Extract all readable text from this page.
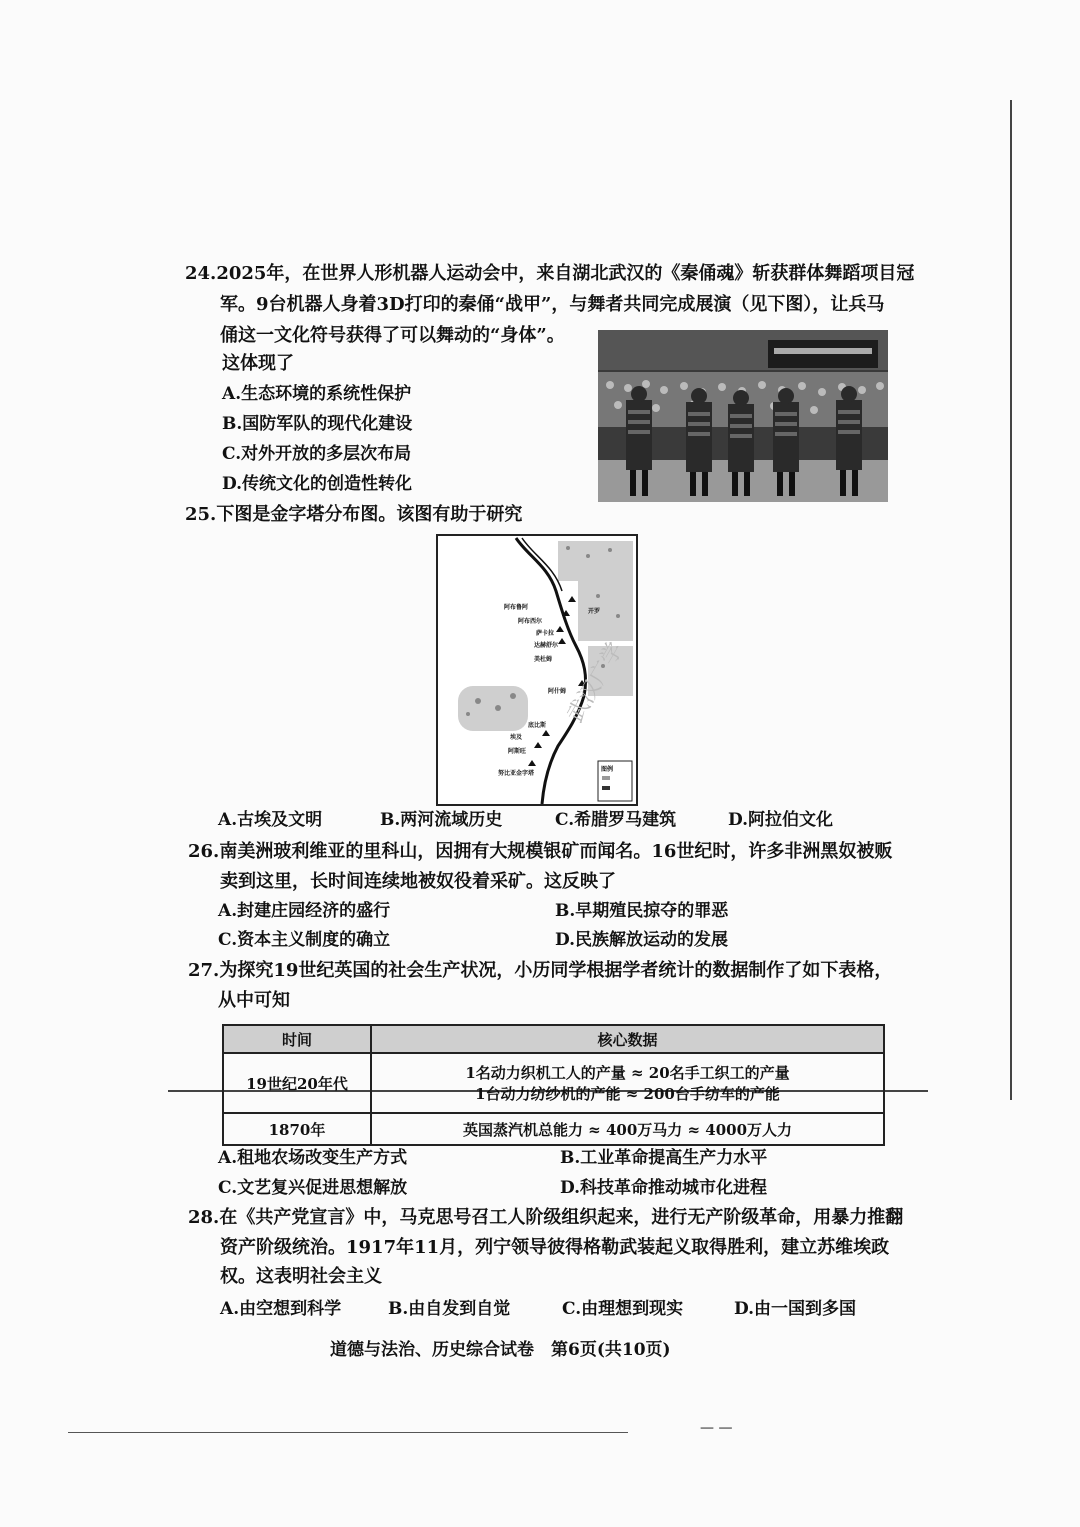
— —
24.2025年，在世界人形机器人运动会中，来自湖北武汉的《秦俑魂》斩获群体舞蹈项目冠
军。9台机器人身着3D打印的秦俑“战甲”，与舞者共同完成展演（见下图），让兵马
俑这一文化符号获得了可以舞动的“身体”。
这体现了
A.生态环境的系统性保护
B.国防军队的现代化建设
C.对外开放的多层次布局
D.传统文化的创造性转化
25.下图是金字塔分布图。该图有助于研究
阿布鲁阿
开罗
阿布西尔
萨卡拉
达赫舒尔
美杜姆
阿什姆
底比斯
埃及
阿斯旺
努比亚金字塔
图例
武汉广学
A.古埃及文明	B.两河流域历史	C.希腊罗马建筑	D.阿拉伯文化
26.南美洲玻利维亚的里科山，因拥有大规模银矿而闻名。16世纪时，许多非洲黑奴被贩
卖到这里，长时间连续地被奴役着采矿。这反映了
A.封建庄园经济的盛行	B.早期殖民掠夺的罪恶
C.资本主义制度的确立	D.民族解放运动的发展
27.为探究19世纪英国的社会生产状况，小历同学根据学者统计的数据制作了如下表格，
从中可知
时间	核心数据
19世纪20年代	1名动力织机工人的产量 ≈ 20名手工织工的产量
1台动力纺纱机的产能 ≈ 200台手纺车的产能

1870年	英国蒸汽机总能力 ≈ 400万马力 ≈ 4000万人力
A.租地农场改变生产方式	B.工业革命提高生产力水平
C.文艺复兴促进思想解放	D.科技革命推动城市化进程
28.在《共产党宣言》中，马克思号召工人阶级组织起来，进行无产阶级革命，用暴力推翻
资产阶级统治。1917年11月，列宁领导彼得格勒武装起义取得胜利，建立苏维埃政
权。这表明社会主义
A.由空想到科学	B.由自发到自觉	C.由理想到现实	D.由一国到多国
道德与法治、历史综合试卷　第6页(共10页)
